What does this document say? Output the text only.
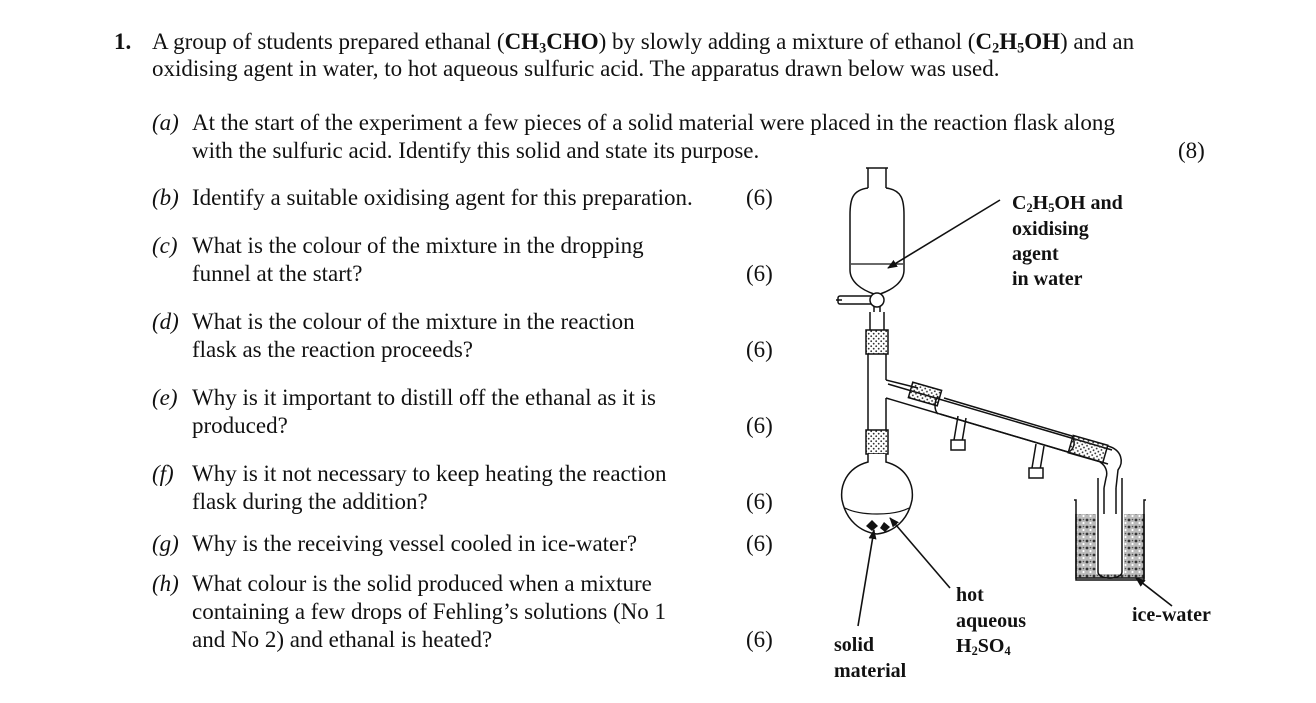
1. A group of students prepared ethanal $(CH_3CHO)$ by slowly adding a mixture of ethanol $(C_2H_5OH)$ and an
oxidising agent in water, to hot aqueous sulfuric acid. The apparatus drawn below was used.
(a) At the start of the experiment a few pieces of a solid material were placed in the reaction flask along
with the sulfuric acid. Identify this solid and state its purpose.	(8)
(b) Identify a suitable oxidising agent for this preparation. (6)
(c) What is the colour of the mixture in the dropping
funnel at the start?	(6)
(d) What is the colour of the mixture in the reaction
flask as the reaction proceeds?	(6)
(e) Why is it important to distill off the ethanal as it is
produced?	(6)
(f) Why is it not necessary to keep heating the reaction
flask during the addition?	(6)
(g) Why is the receiving vessel cooled in ice-water?	(6)
(h) What colour is the solid produced when a mixture
containing a few drops of Fehling’s solutions (No 1
and No 2) and ethanal is heated?	(6)
$C_2H_5OH$ and
oxidising
agent
in water
hot
aqueous
$H_2SO_4$
solid
material
ice-water
